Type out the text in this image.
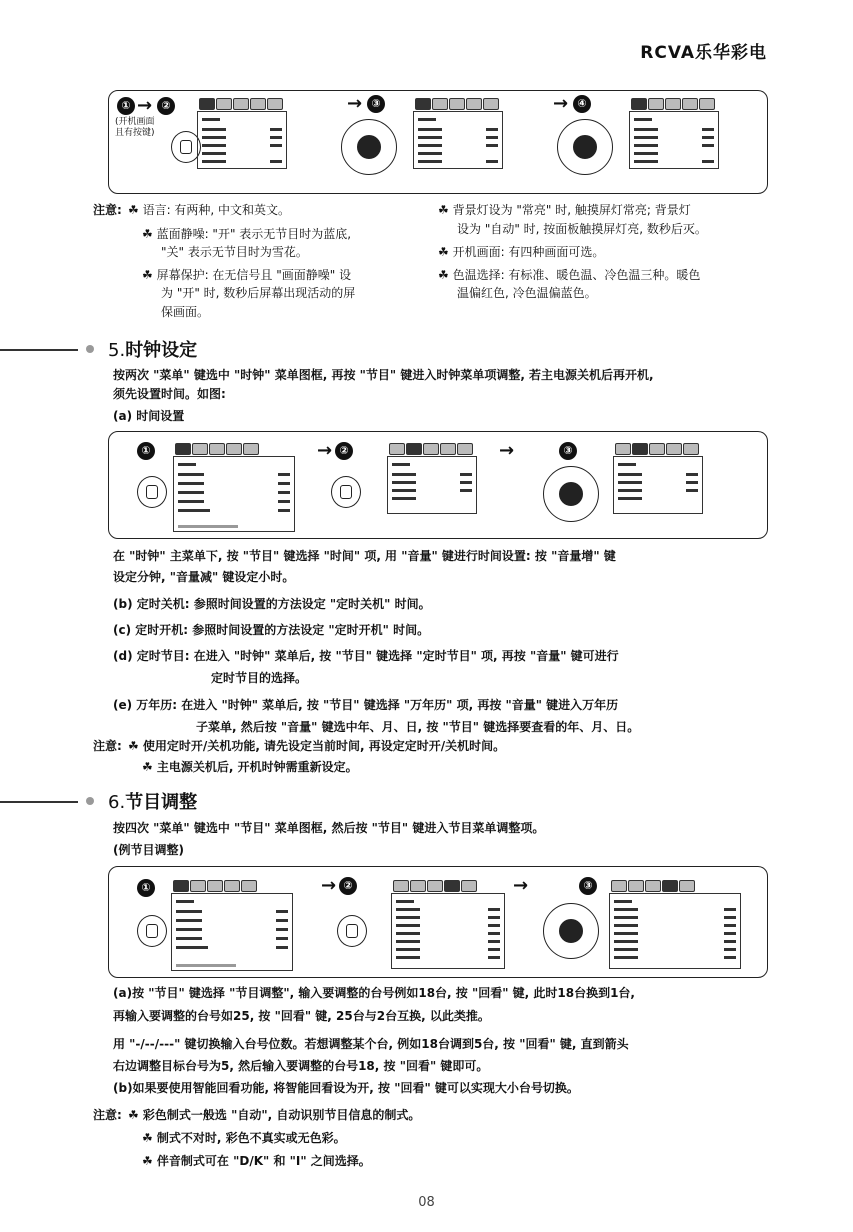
RCVA乐华彩电
① → ②
(开机画面
且有按键)
→ ③	→ ④
注意: ☘ 语言: 有两种, 中文和英文。
☘ 蓝面静噪: "开" 表示无节目时为蓝底,
"关" 表示无节目时为雪花。
☘ 屏幕保护: 在无信号且 "画面静噪" 设
为 "开" 时, 数秒后屏幕出现活动的屏
保画面。
☘ 背景灯设为 "常亮" 时, 触摸屏灯常亮; 背景灯
设为 "自动" 时, 按面板触摸屏灯亮, 数秒后灭。
☘ 开机画面: 有四种画面可选。
☘ 色温选择: 有标准、暖色温、冷色温三种。暖色
温偏红色, 冷色温偏蓝色。
5.时钟设定
按两次 "菜单" 键选中 "时钟" 菜单图框, 再按 "节目" 键进入时钟菜单项调整, 若主电源关机后再开机,
须先设置时间。如图:
(a) 时间设置
①	→ ②	→	③
在 "时钟" 主菜单下, 按 "节目" 键选择 "时间" 项, 用 "音量" 键进行时间设置: 按 "音量增" 键
设定分钟, "音量减" 键设定小时。
(b) 定时关机: 参照时间设置的方法设定 "定时关机" 时间。
(c) 定时开机: 参照时间设置的方法设定 "定时开机" 时间。
(d) 定时节目: 在进入 "时钟" 菜单后, 按 "节目" 键选择 "定时节目" 项, 再按 "音量" 键可进行
定时节目的选择。
(e) 万年历: 在进入 "时钟" 菜单后, 按 "节目" 键选择 "万年历" 项, 再按 "音量" 键进入万年历
子菜单, 然后按 "音量" 键选中年、月、日, 按 "节目" 键选择要查看的年、月、日。
注意: ☘ 使用定时开/关机功能, 请先设定当前时间, 再设定定时开/关机时间。
☘ 主电源关机后, 开机时钟需重新设定。
6.节目调整
按四次 "菜单" 键选中 "节目" 菜单图框, 然后按 "节目" 键进入节目菜单调整项。
(例节目调整)
①	→ ②	→	③
(a)按 "节目" 键选择 "节目调整", 输入要调整的台号例如18台, 按 "回看" 键, 此时18台换到1台,
再输入要调整的台号如25, 按 "回看" 键, 25台与2台互换, 以此类推。
用 "-/--/---" 键切换输入台号位数。若想调整某个台, 例如18台调到5台, 按 "回看" 键, 直到箭头
右边调整目标台号为5, 然后输入要调整的台号18, 按 "回看" 键即可。
(b)如果要使用智能回看功能, 将智能回看设为开, 按 "回看" 键可以实现大小台号切换。
注意: ☘ 彩色制式一般选 "自动", 自动识别节目信息的制式。
☘ 制式不对时, 彩色不真实或无色彩。
☘ 伴音制式可在 "D/K" 和 "I" 之间选择。
08
